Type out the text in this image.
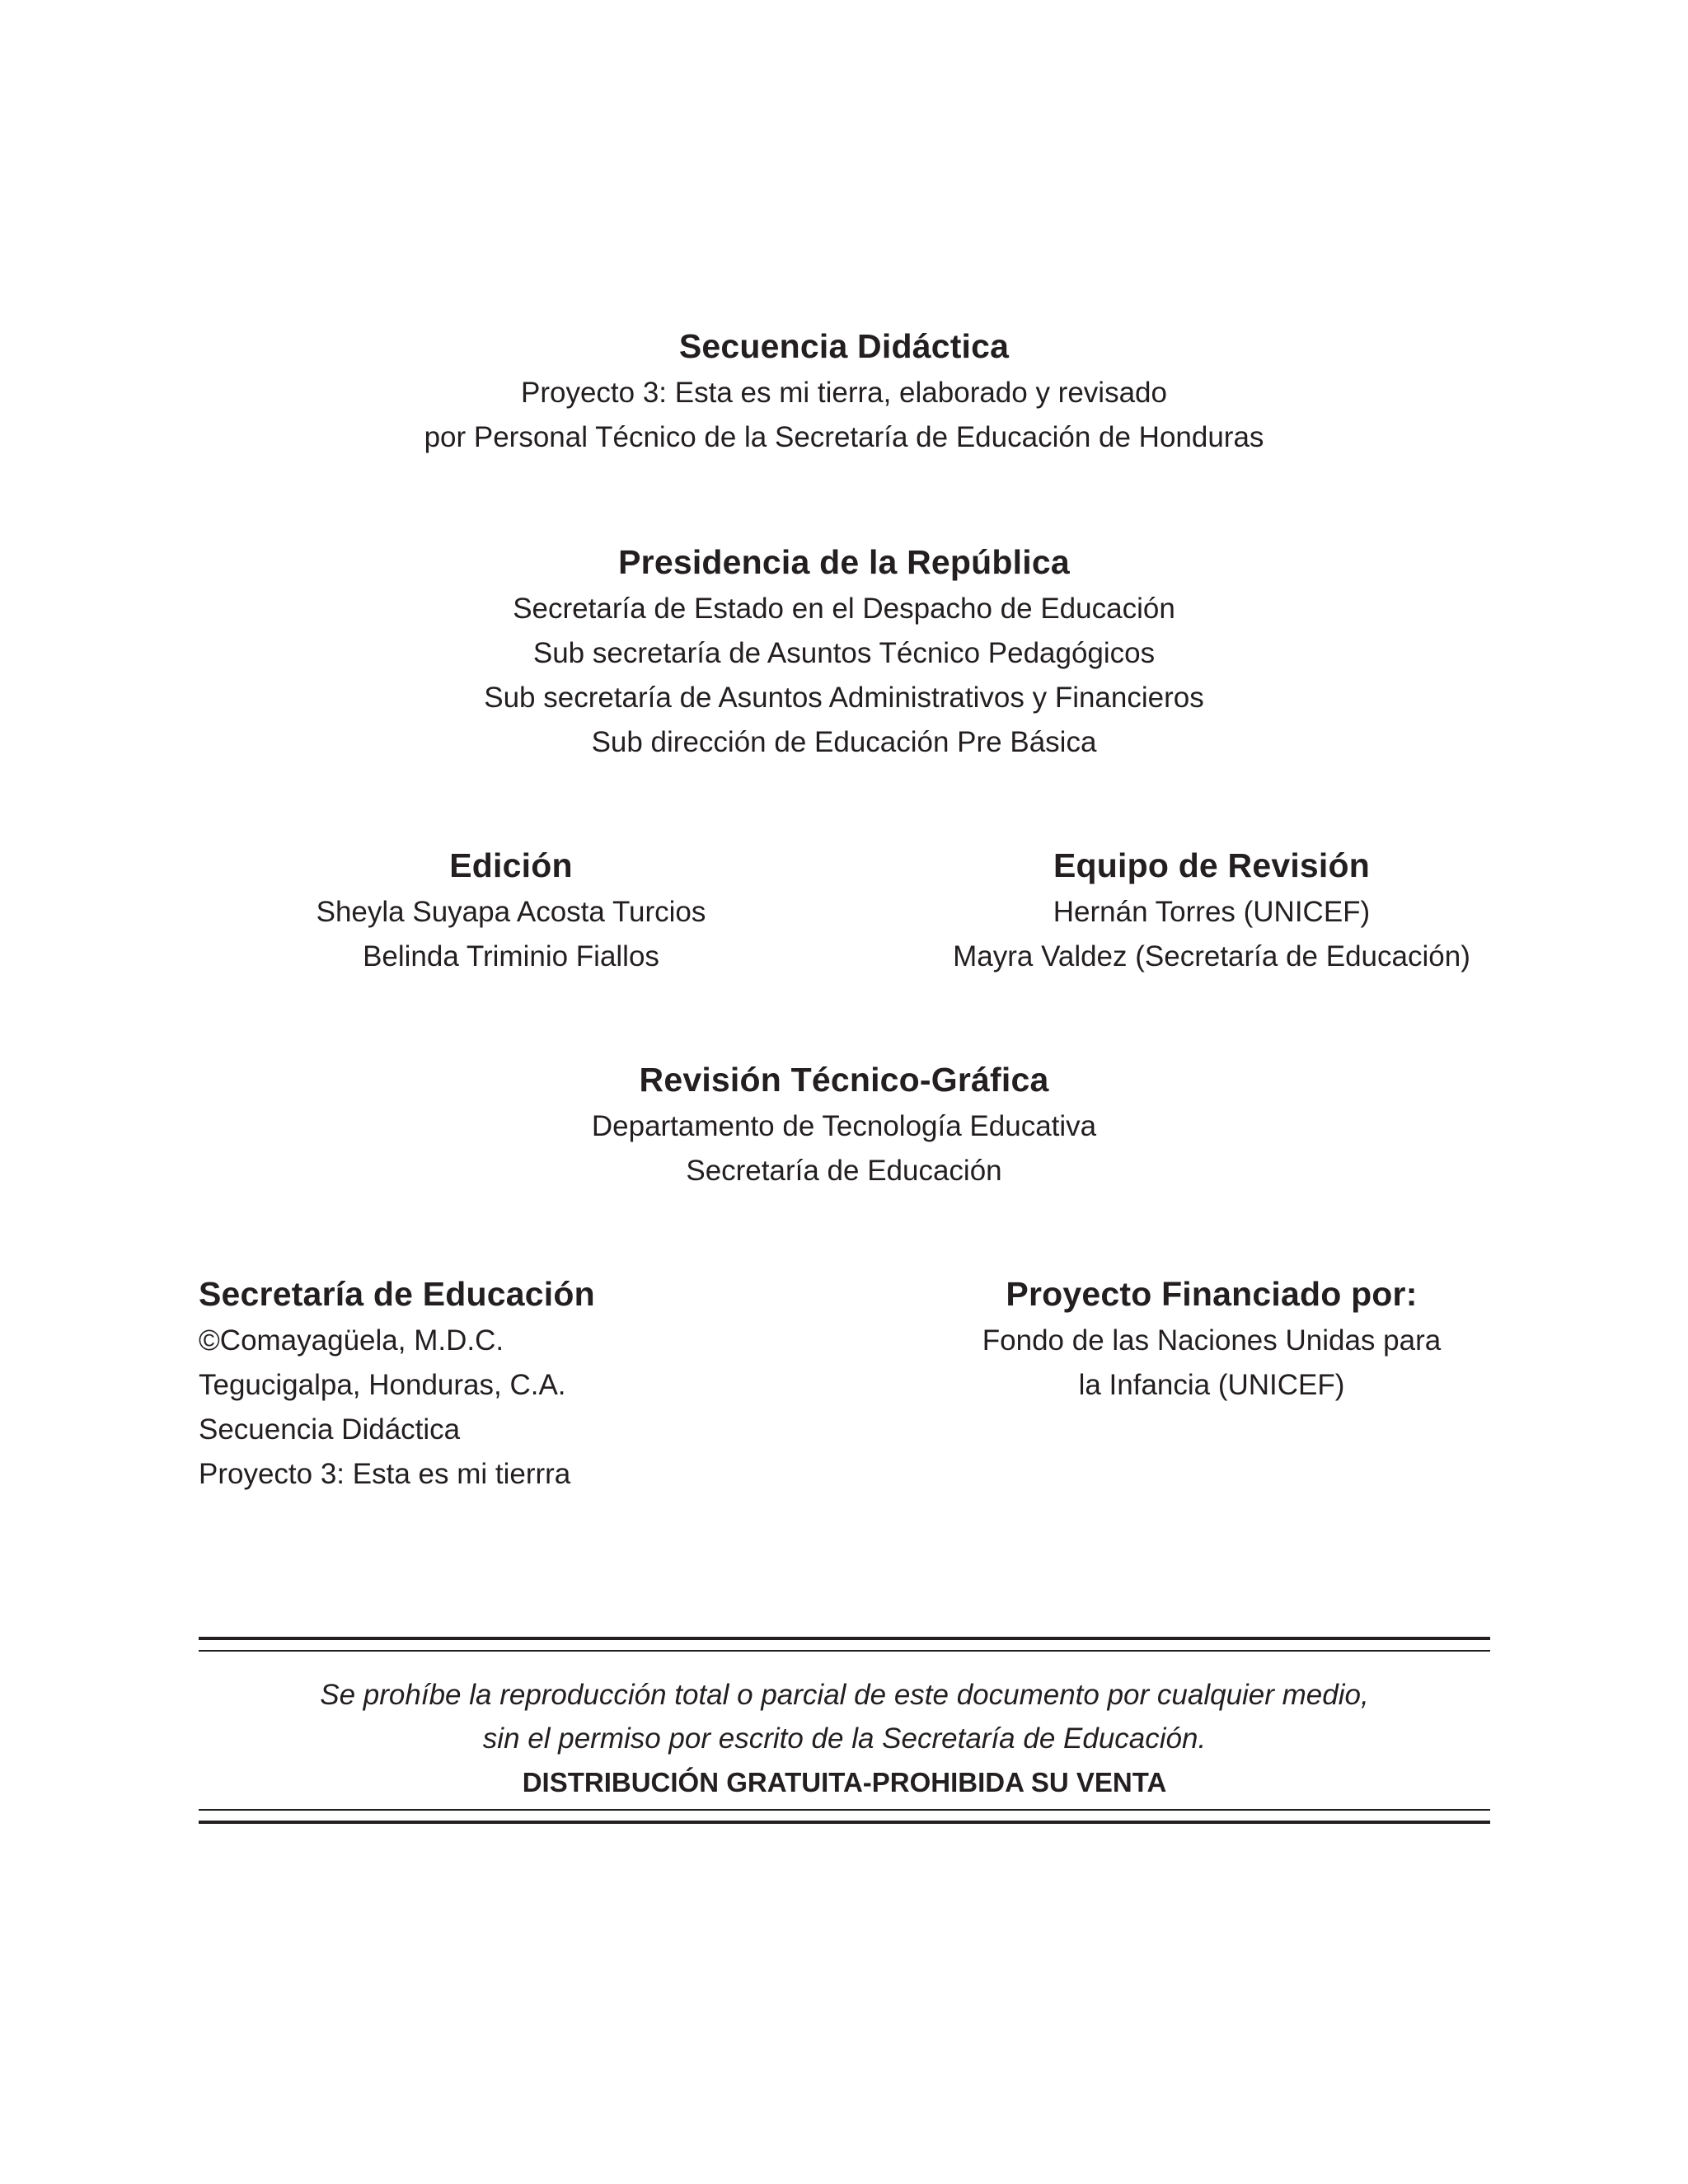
Secuencia Didáctica
Proyecto 3: Esta es mi tierra, elaborado y revisado
por Personal Técnico de la Secretaría de Educación de Honduras
Presidencia de la República
Secretaría de Estado en el Despacho de Educación
Sub secretaría de Asuntos Técnico Pedagógicos
Sub secretaría de Asuntos Administrativos y Financieros
Sub dirección de Educación Pre Básica
Edición
Sheyla Suyapa Acosta Turcios
Belinda Triminio Fiallos
Equipo de Revisión
Hernán Torres (UNICEF)
Mayra Valdez (Secretaría de Educación)
Revisión Técnico-Gráfica
Departamento de Tecnología Educativa
Secretaría de Educación
Secretaría de Educación
©Comayagüela, M.D.C.
Tegucigalpa, Honduras, C.A.
Secuencia Didáctica
Proyecto 3: Esta es mi tierrra
Proyecto Financiado por:
Fondo de las Naciones Unidas para
la Infancia (UNICEF)
Se prohíbe la reproducción total o parcial de este documento por cualquier medio,
sin el permiso por escrito de la Secretaría de Educación.
DISTRIBUCIÓN GRATUITA-PROHIBIDA SU VENTA
